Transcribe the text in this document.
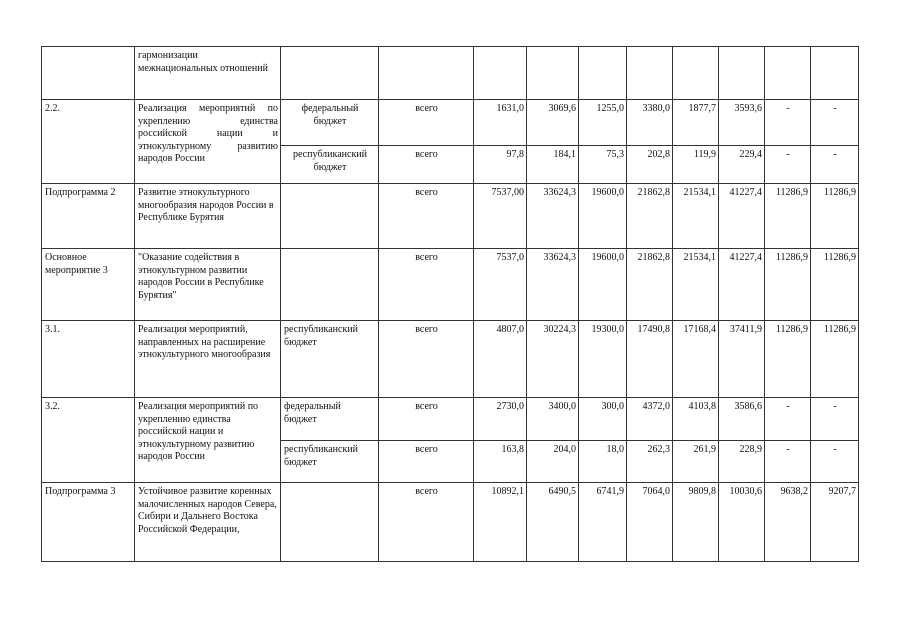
	гармонизации межнациональных отношений										
2.2.	Реализация мероприятий по укреплению единства российской нации и этнокультурному развитию народов России	федеральный бюджет	всего	1631,0	3069,6	1255,0	3380,0	1877,7	3593,6	-	-
		республиканский бюджет	всего	97,8	184,1	75,3	202,8	119,9	229,4	-	-
Подпрограмма 2	Развитие этнокультурного многообразия народов России в Республике Бурятия		всего	7537,00	33624,3	19600,0	21862,8	21534,1	41227,4	11286,9	11286,9
Основное мероприятие 3	"Оказание содействия в этнокультурном развитии народов России в Республике Бурятия"		всего	7537,0	33624,3	19600,0	21862,8	21534,1	41227,4	11286,9	11286,9
3.1.	Реализация мероприятий, направленных на расширение этнокультурного многообразия	республиканский бюджет	всего	4807,0	30224,3	19300,0	17490,8	17168,4	37411,9	11286,9	11286,9
3.2.	Реализация мероприятий по укреплению единства российской нации и этнокультурному развитию народов России	федеральный бюджет	всего	2730,0	3400,0	300,0	4372,0	4103,8	3586,6	-	-
		республиканский бюджет	всего	163,8	204,0	18,0	262,3	261,9	228,9	-	-
Подпрограмма 3	Устойчивое развитие коренных малочисленных народов Севера, Сибири и Дальнего Востока Российской Федерации,		всего	10892,1	6490,5	6741,9	7064,0	9809,8	10030,6	9638,2	9207,7
